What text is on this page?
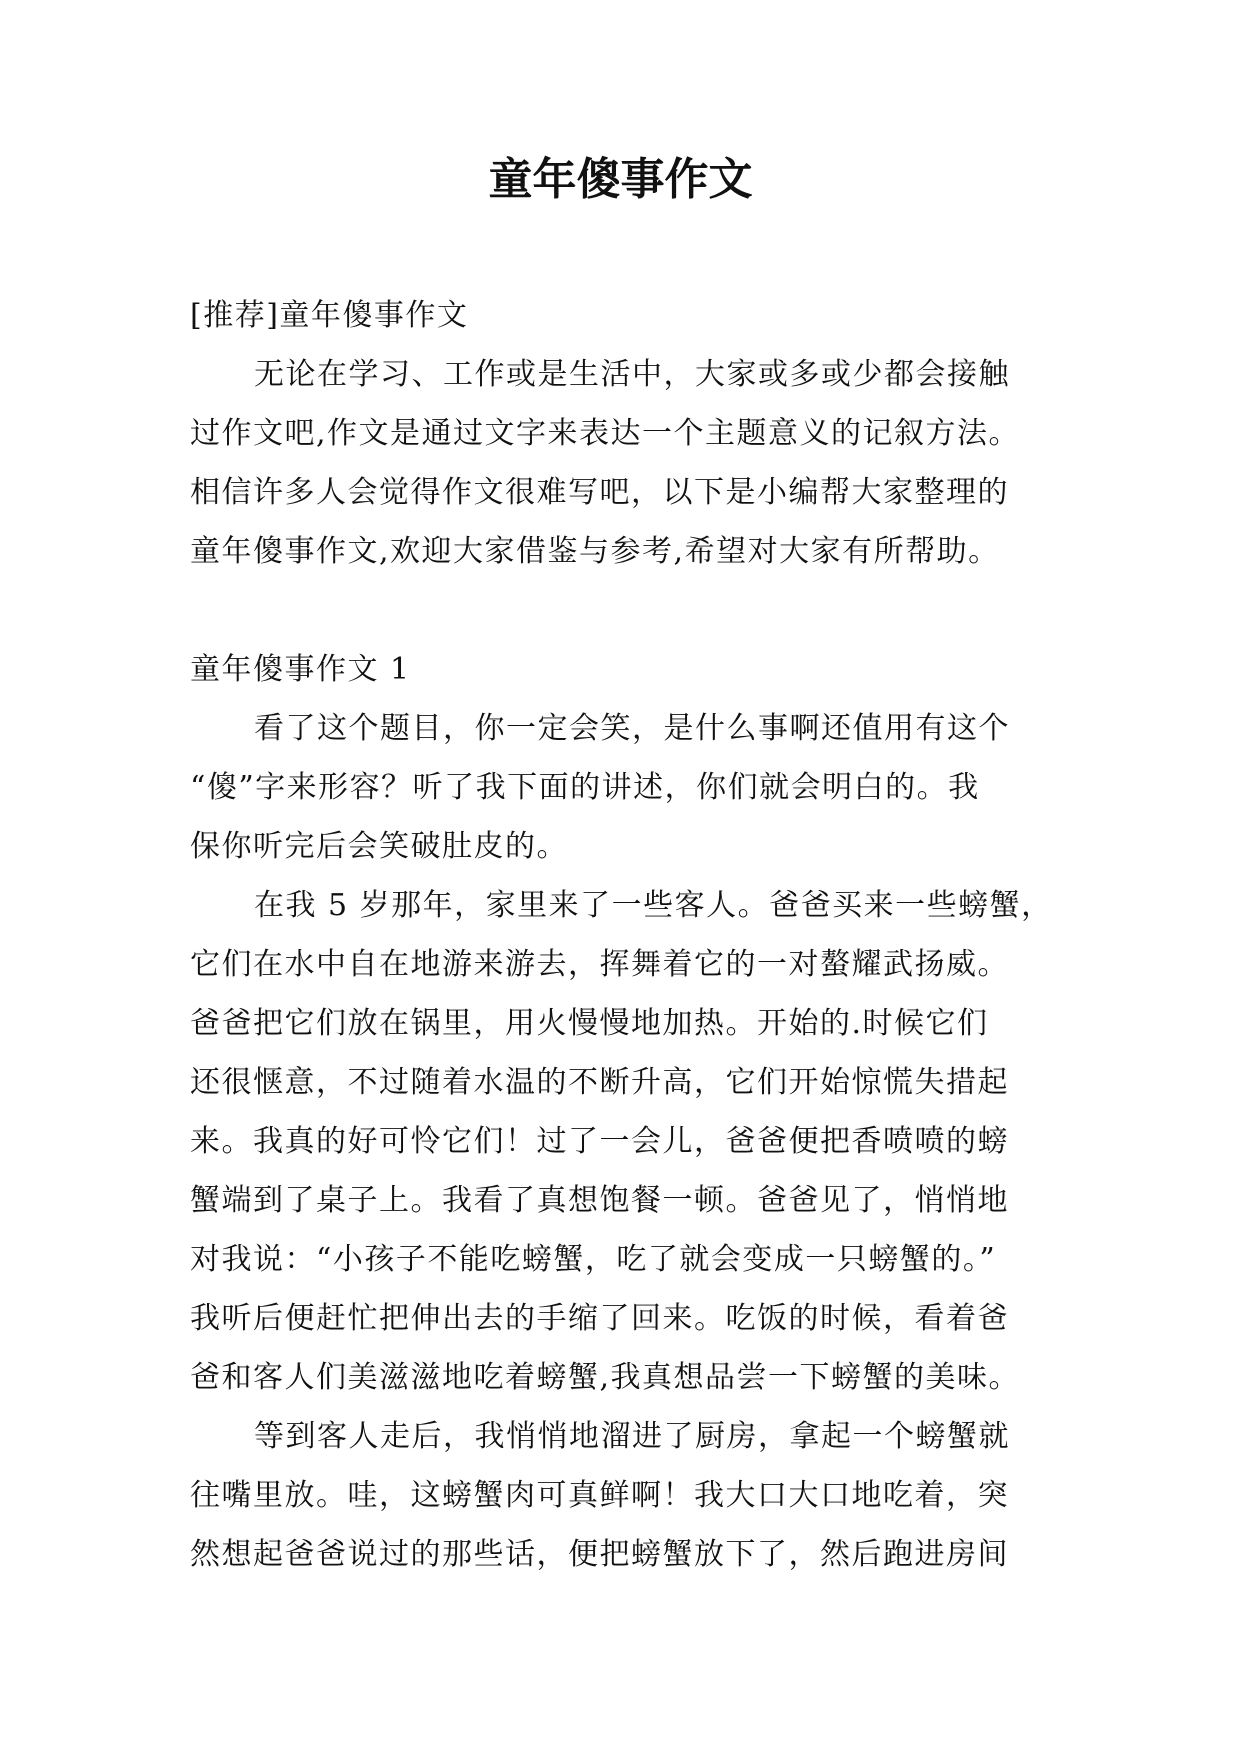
童年傻事作文
[推荐]童年傻事作文
无论在学习、工作或是生活中，大家或多或少都会接触
过作文吧,作文是通过文字来表达一个主题意义的记叙方法。
相信许多人会觉得作文很难写吧，以下是小编帮大家整理的
童年傻事作文,欢迎大家借鉴与参考,希望对大家有所帮助。
童年傻事作文 1
看了这个题目，你一定会笑，是什么事啊还值用有这个
“傻”字来形容？听了我下面的讲述，你们就会明白的。我
保你听完后会笑破肚皮的。
在我 5 岁那年，家里来了一些客人。爸爸买来一些螃蟹，
它们在水中自在地游来游去，挥舞着它的一对螯耀武扬威。
爸爸把它们放在锅里，用火慢慢地加热。开始的.时候它们
还很惬意，不过随着水温的不断升高，它们开始惊慌失措起
来。我真的好可怜它们！过了一会儿，爸爸便把香喷喷的螃
蟹端到了桌子上。我看了真想饱餐一顿。爸爸见了，悄悄地
对我说：“小孩子不能吃螃蟹，吃了就会变成一只螃蟹的。”
我听后便赶忙把伸出去的手缩了回来。吃饭的时候，看着爸
爸和客人们美滋滋地吃着螃蟹,我真想品尝一下螃蟹的美味。
等到客人走后，我悄悄地溜进了厨房，拿起一个螃蟹就
往嘴里放。哇，这螃蟹肉可真鲜啊！我大口大口地吃着，突
然想起爸爸说过的那些话，便把螃蟹放下了，然后跑进房间
